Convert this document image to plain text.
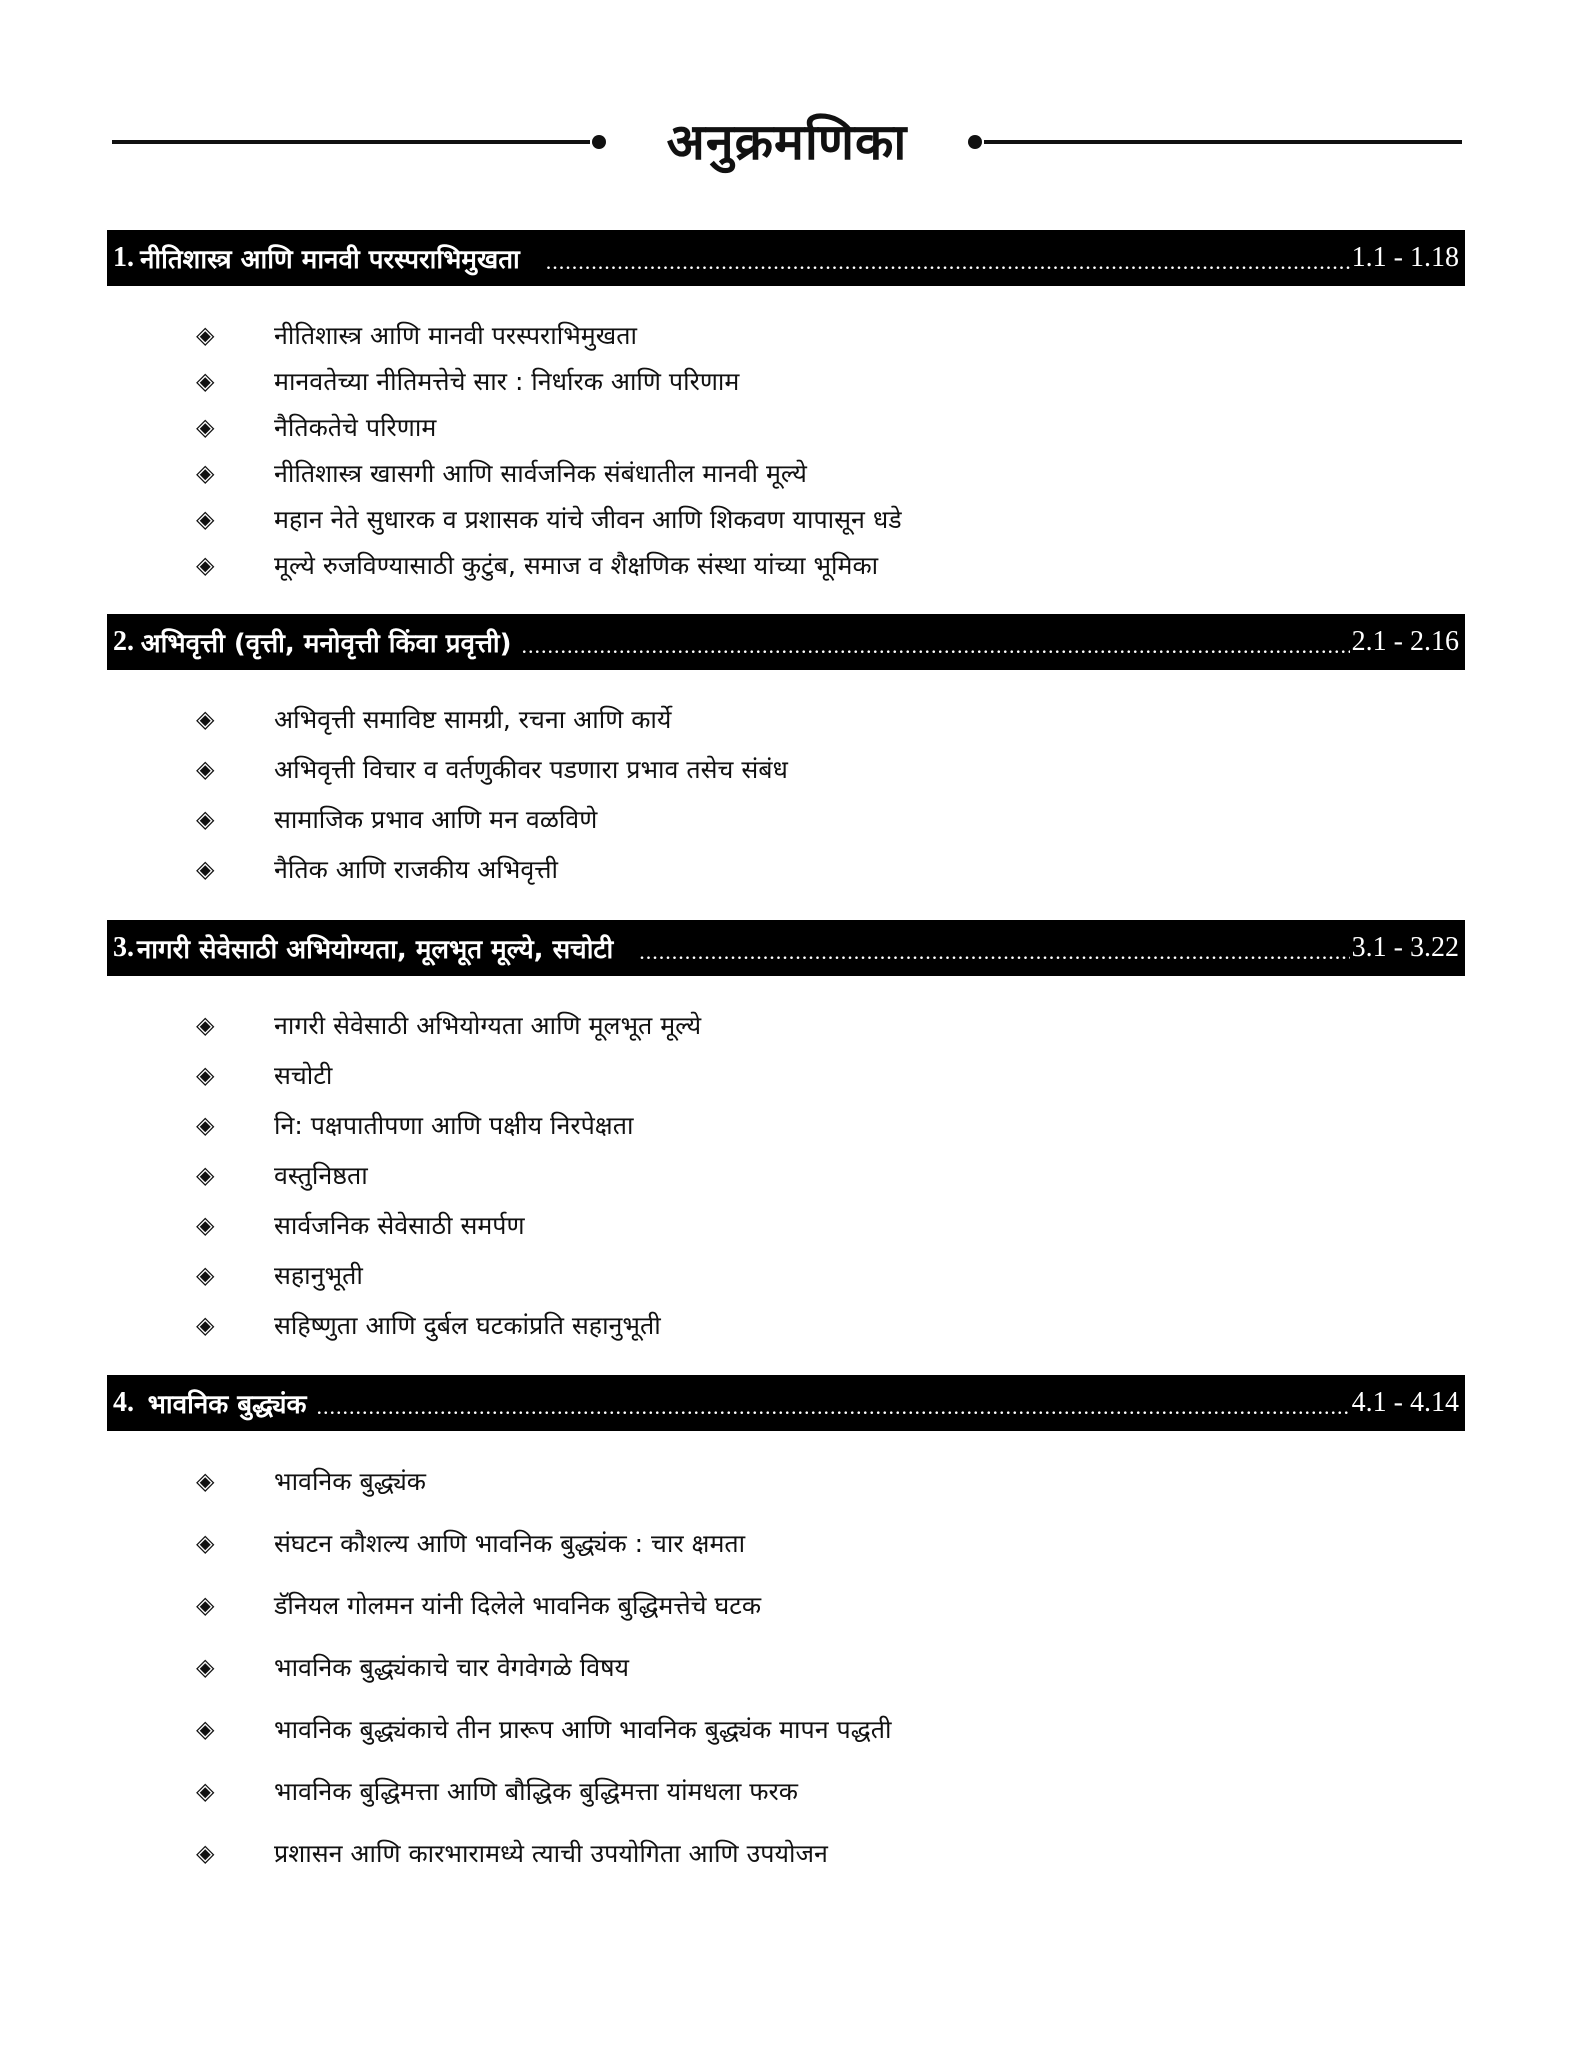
अनुक्रमणिका
1. नीतिशास्त्र आणि मानवी परस्पराभिमुखता .....	1.1 - 1.18
◈	नीतिशास्त्र आणि मानवी परस्पराभिमुखता
◈	मानवतेच्या नीतिमत्तेचे सार : निर्धारक आणि परिणाम
◈	नैतिकतेचे परिणाम
◈	नीतिशास्त्र खासगी आणि सार्वजनिक संबंधातील मानवी मूल्ये
◈	महान नेते सुधारक व प्रशासक यांचे जीवन आणि शिकवण यापासून धडे
◈	मूल्ये रुजविण्यासाठी कुटुंब, समाज व शैक्षणिक संस्था यांच्या भूमिका
2. अभिवृत्ती (वृत्ती, मनोवृत्ती किंवा प्रवृत्ती) .....	2.1 - 2.16
◈	अभिवृत्ती समाविष्ट सामग्री, रचना आणि कार्ये
◈	अभिवृत्ती विचार व वर्तणुकीवर पडणारा प्रभाव तसेच संबंध
◈	सामाजिक प्रभाव आणि मन वळविणे
◈	नैतिक आणि राजकीय अभिवृत्ती
3. नागरी सेवेसाठी अभियोग्यता, मूलभूत मूल्ये, सचोटी .....	3.1 - 3.22
◈	नागरी सेवेसाठी अभियोग्यता आणि मूलभूत मूल्ये
◈	सचोटी
◈	नि: पक्षपातीपणा आणि पक्षीय निरपेक्षता
◈	वस्तुनिष्ठता
◈	सार्वजनिक सेवेसाठी समर्पण
◈	सहानुभूती
◈	सहिष्णुता आणि दुर्बल घटकांप्रति सहानुभूती
4. भावनिक बुद्ध्यंक .....	4.1 - 4.14
◈	भावनिक बुद्ध्यंक
◈	संघटन कौशल्य आणि भावनिक बुद्ध्यंक : चार क्षमता
◈	डॅनियल गोलमन यांनी दिलेले भावनिक बुद्धिमत्तेचे घटक
◈	भावनिक बुद्ध्यंकाचे चार वेगवेगळे विषय
◈	भावनिक बुद्ध्यंकाचे तीन प्रारूप आणि भावनिक बुद्ध्यंक मापन पद्धती
◈	भावनिक बुद्धिमत्ता आणि बौद्धिक बुद्धिमत्ता यांमधला फरक
◈	प्रशासन आणि कारभारामध्ये त्याची उपयोगिता आणि उपयोजन
